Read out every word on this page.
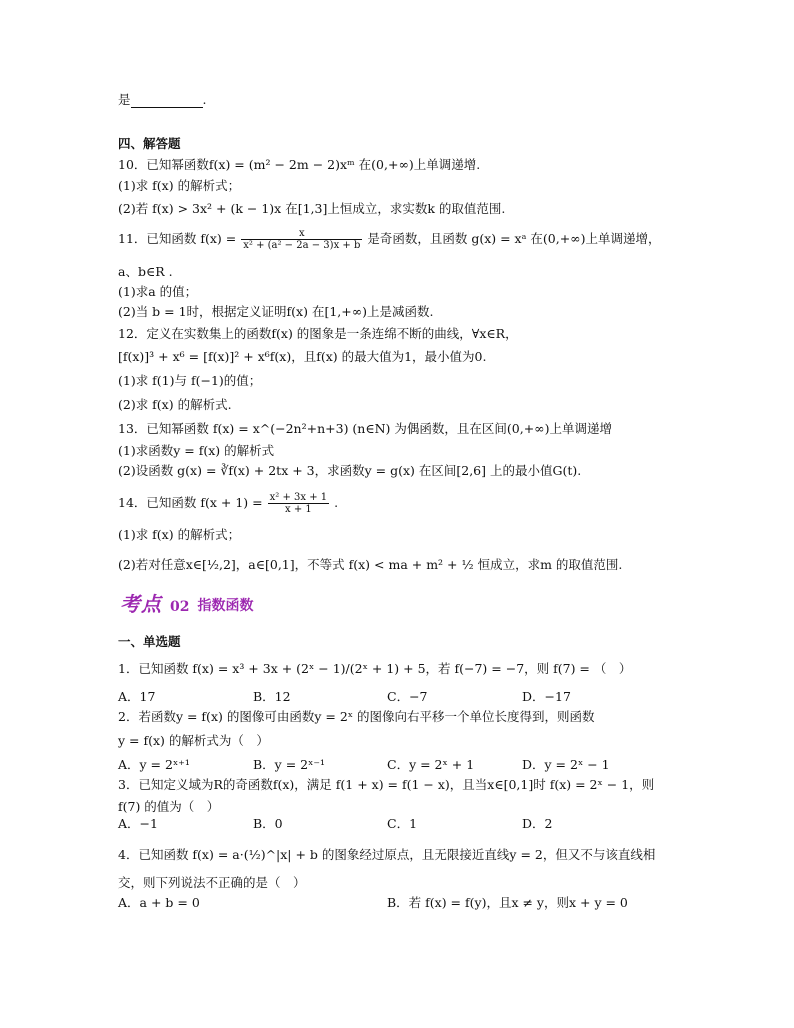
是	.
四、解答题
10．已知幂函数f(x) = (m² − 2m − 2)xᵐ 在(0,+∞)上单调递增.
(1)求 f(x) 的解析式；
(2)若 f(x) > 3x² + (k − 1)x 在[1,3]上恒成立，求实数k 的取值范围.
11．已知函数 $f(x) = \frac{x}{\text{x² + (a² − 2a − 3)x + b}}$ 是奇函数，且函数 g(x) = xᵃ 在(0,+∞)上单调递增，
a、b∈R .
(1)求a 的值；
(2)当 b = 1时，根据定义证明f(x) 在[1,+∞)上是减函数.
12．定义在实数集上的函数f(x) 的图象是一条连绵不断的曲线，∀x∈R，
[f(x)]³ + x⁶ = [f(x)]² + x⁶f(x)，且f(x) 的最大值为1，最小值为0.
(1)求 f(1)与 f(−1)的值；
(2)求 f(x) 的解析式.
13．已知幂函数 f(x) = x^(−2n²+n+3) (n∈N) 为偶函数，且在区间(0,+∞)上单调递增
(1)求函数y = f(x) 的解析式
(2)设函数 g(x) = ∛f(x) + 2tx + 3，求函数y = g(x) 在区间[2,6] 上的最小值G(t).
14．已知函数 $f(x + 1) = \frac{\text{x² + 3x + 1}}{x + 1}$ .
(1)求 f(x) 的解析式；
(2)若对任意x∈[½,2]，a∈[0,1]，不等式 f(x) < ma + m² + ½ 恒成立，求m 的取值范围.
考点 02 指数函数
一、单选题
1．已知函数 f(x) = x³ + 3x + (2ˣ − 1)/(2ˣ + 1) + 5，若 f(−7) = −7，则 f(7) = （　）
A．17	B．12	C．−7	D．−17
2．若函数y = f(x) 的图像可由函数y = 2ˣ 的图像向右平移一个单位长度得到，则函数
y = f(x) 的解析式为（　）
A．y = 2ˣ⁺¹	B．y = 2ˣ⁻¹	C．y = 2ˣ + 1	D．y = 2ˣ − 1
3．已知定义域为R的奇函数f(x)，满足 f(1 + x) = f(1 − x)，且当x∈[0,1]时 f(x) = 2ˣ − 1，则
f(7) 的值为（　）
A．−1	B．0	C．1	D．2
4．已知函数 f(x) = a·(½)^|x| + b 的图象经过原点，且无限接近直线y = 2，但又不与该直线相
交，则下列说法不正确的是（　）
A．a + b = 0	B．若 f(x) = f(y)，且x ≠ y，则x + y = 0
